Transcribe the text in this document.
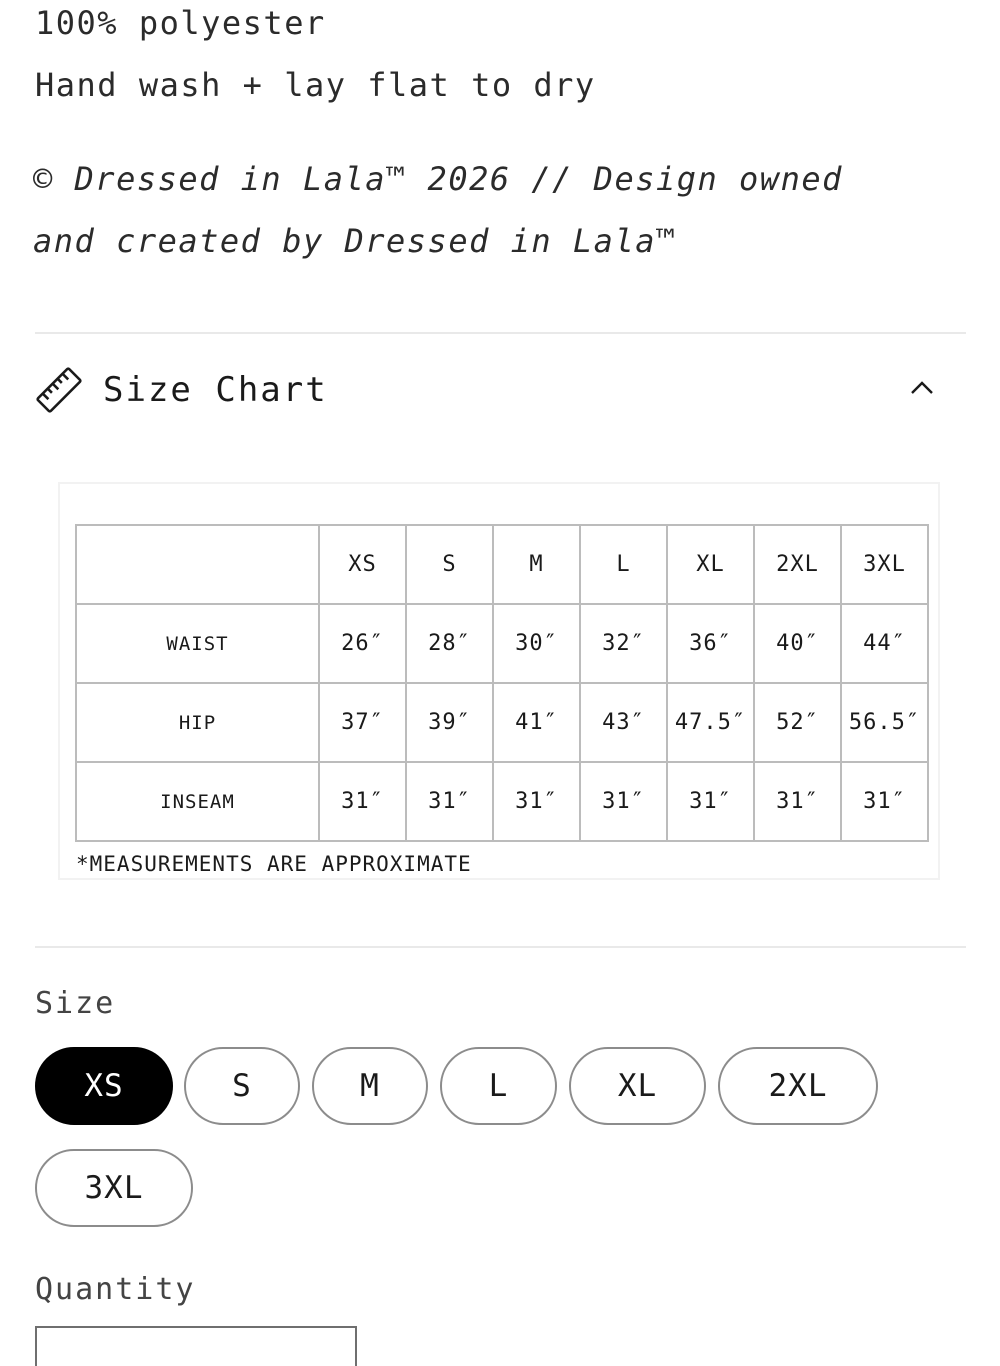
100% polyester
Hand wash + lay flat to dry
© Dressed in Lala™ 2026 // Design owned
and created by Dressed in Lala™
Size Chart
	XS	S	M	L	XL	2XL	3XL
WAIST	26″	28″	30″	32″	36″	40″	44″
HIP	37″	39″	41″	43″	47.5″	52″	56.5″
INSEAM	31″	31″	31″	31″	31″	31″	31″
*MEASUREMENTS ARE APPROXIMATE
Size
XS	S	M	L	XL	2XL
3XL
Quantity
